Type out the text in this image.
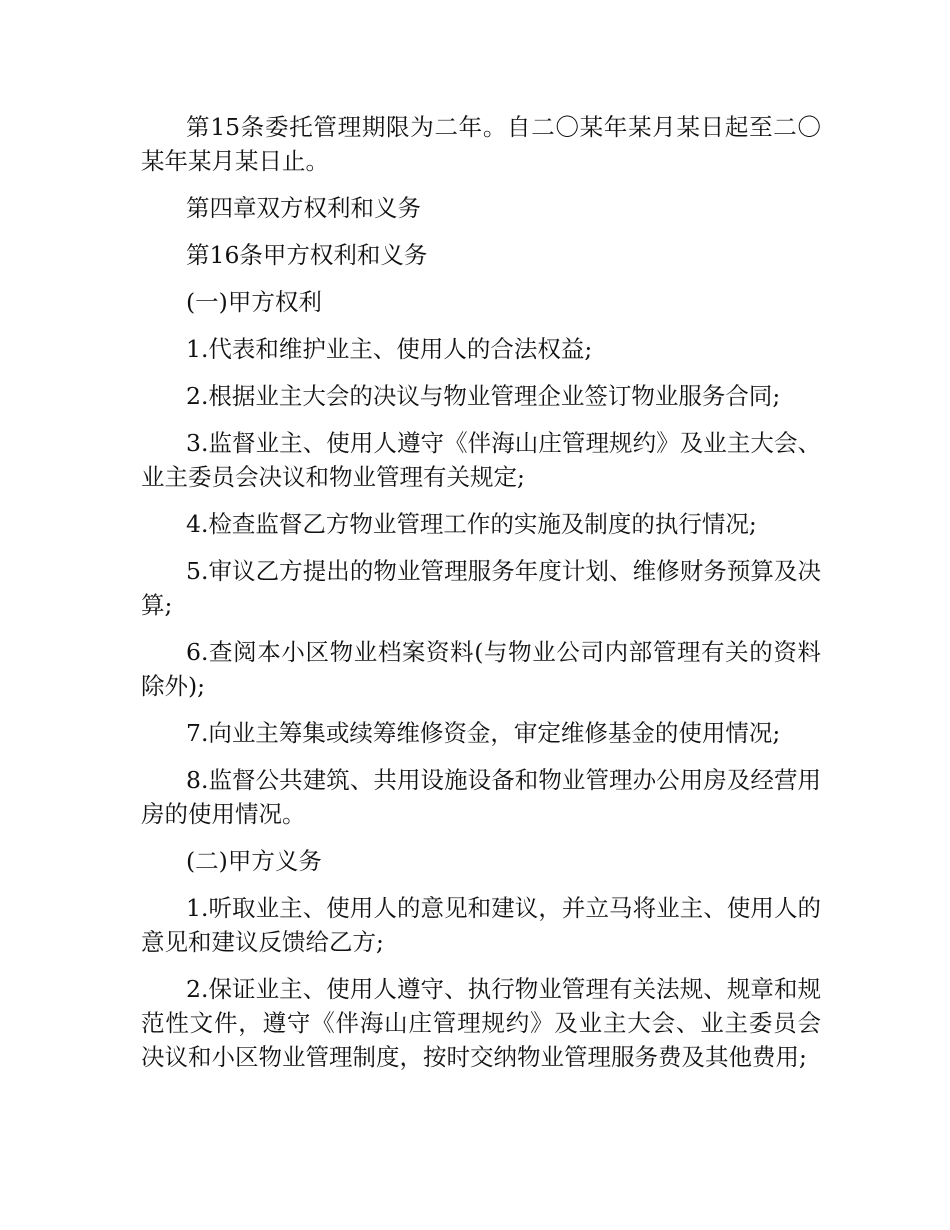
第15条委托管理期限为二年。自二〇某年某月某日起至二〇某年某月某日止。

第四章双方权利和义务

第16条甲方权利和义务

(一)甲方权利

1.代表和维护业主、使用人的合法权益;

2.根据业主大会的决议与物业管理企业签订物业服务合同;

3.监督业主、使用人遵守《伴海山庄管理规约》及业主大会、业主委员会决议和物业管理有关规定;

4.检查监督乙方物业管理工作的实施及制度的执行情况;

5.审议乙方提出的物业管理服务年度计划、维修财务预算及决算;

6.查阅本小区物业档案资料(与物业公司内部管理有关的资料除外);

7.向业主筹集或续筹维修资金，审定维修基金的使用情况;

8.监督公共建筑、共用设施设备和物业管理办公用房及经营用房的使用情况。

(二)甲方义务

1.听取业主、使用人的意见和建议，并立马将业主、使用人的意见和建议反馈给乙方;

2.保证业主、使用人遵守、执行物业管理有关法规、规章和规范性文件，遵守《伴海山庄管理规约》及业主大会、业主委员会决议和小区物业管理制度，按时交纳物业管理服务费及其他费用;
